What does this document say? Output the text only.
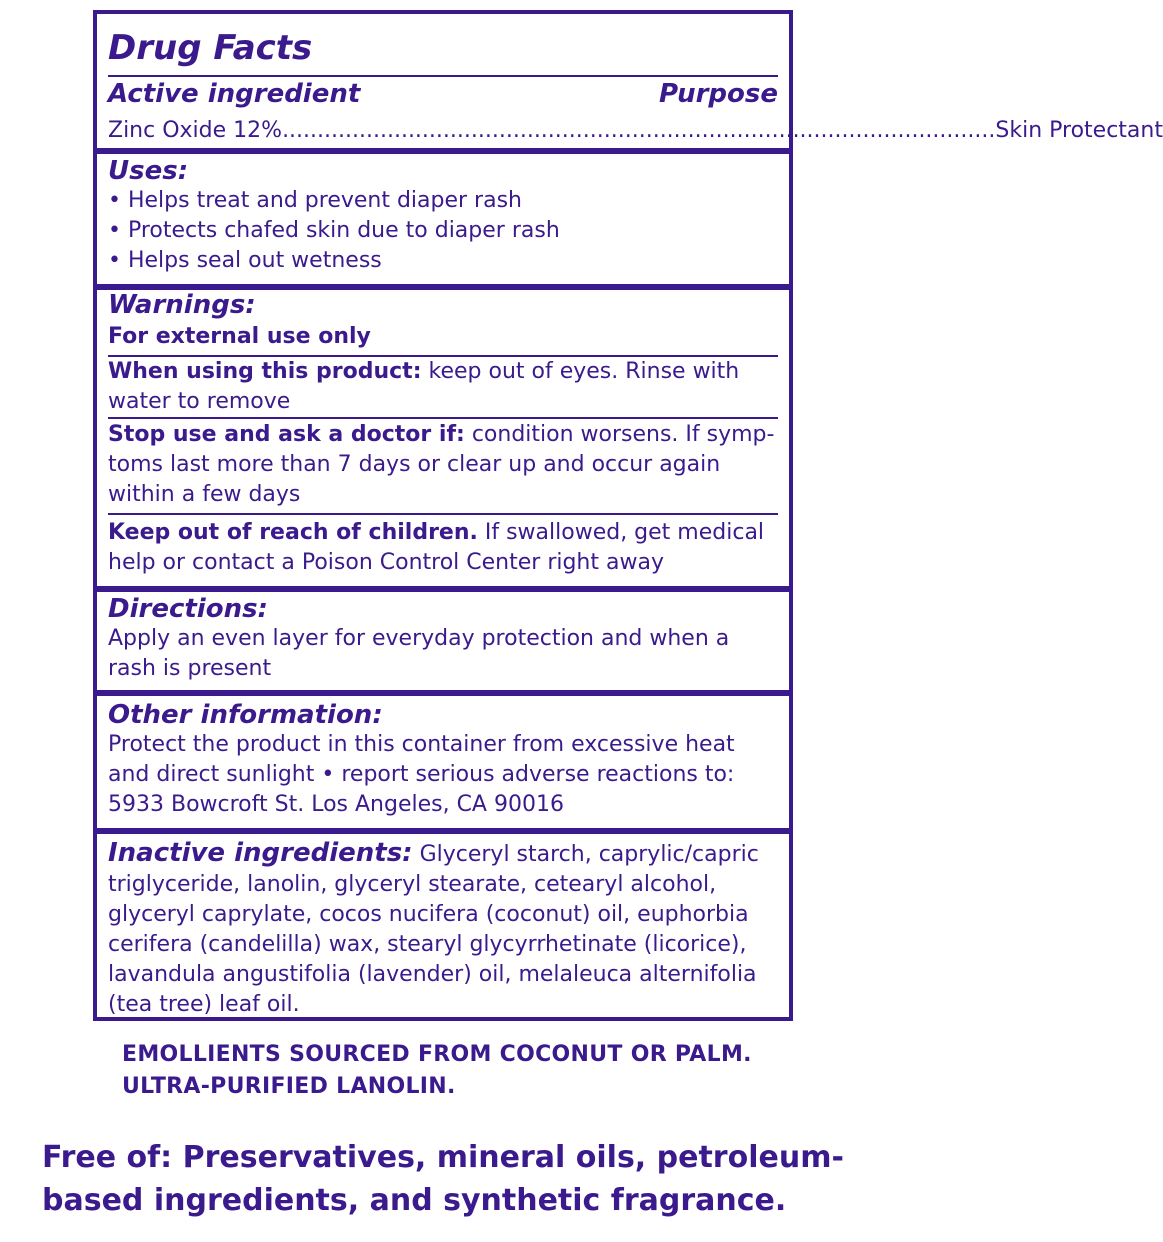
Drug Facts
Active ingredient	Purpose
Zinc Oxide 12% ...................................................................................................... Skin Protectant
Uses:
• Helps treat and prevent diaper rash
• Protects chafed skin due to diaper rash
• Helps seal out wetness
Warnings:
For external use only
When using this product: keep out of eyes. Rinse with water to remove
Stop use and ask a doctor if: condition worsens. If symp-toms last more than 7 days or clear up and occur again within a few days
Keep out of reach of children. If swallowed, get medical help or contact a Poison Control Center right away
Directions:
Apply an even layer for everyday protection and when a rash is present
Other information:
Protect the product in this container from excessive heat and direct sunlight • report serious adverse reactions to: 5933 Bowcroft St. Los Angeles, CA 90016
Inactive ingredients: Glyceryl starch, caprylic/capric triglyceride, lanolin, glyceryl stearate, cetearyl alcohol, glyceryl caprylate, cocos nucifera (coconut) oil, euphorbia cerifera (candelilla) wax, stearyl glycyrrhetinate (licorice), lavandula angustifolia (lavender) oil, melaleuca alternifolia (tea tree) leaf oil.
EMOLLIENTS SOURCED FROM COCONUT OR PALM.
ULTRA-PURIFIED LANOLIN.
Free of: Preservatives, mineral oils, petroleum-based ingredients, and synthetic fragrance.
